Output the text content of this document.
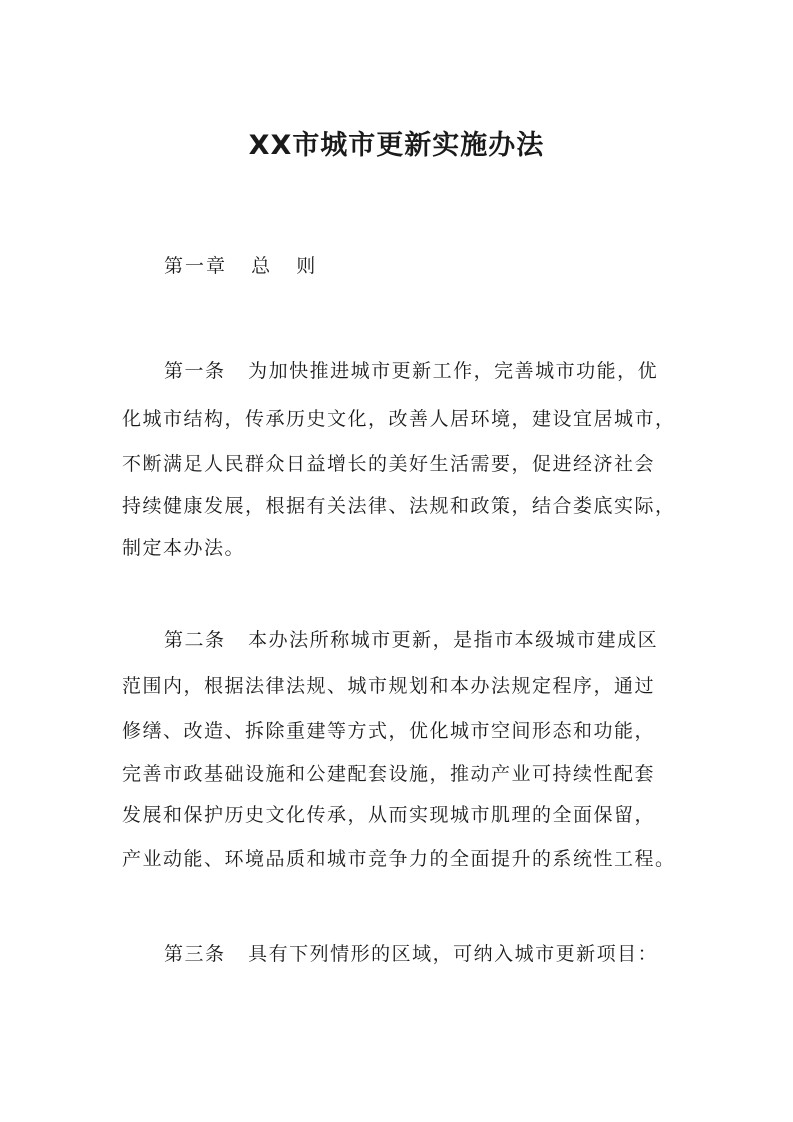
XX市城市更新实施办法
第一章   总   则
第一条   为加快推进城市更新工作，完善城市功能，优
化城市结构，传承历史文化，改善人居环境，建设宜居城市，
不断满足人民群众日益增长的美好生活需要，促进经济社会
持续健康发展，根据有关法律、法规和政策，结合娄底实际，
制定本办法。
第二条   本办法所称城市更新，是指市本级城市建成区
范围内，根据法律法规、城市规划和本办法规定程序，通过
修缮、改造、拆除重建等方式，优化城市空间形态和功能，
完善市政基础设施和公建配套设施，推动产业可持续性配套
发展和保护历史文化传承，从而实现城市肌理的全面保留，
产业动能、环境品质和城市竞争力的全面提升的系统性工程。
第三条   具有下列情形的区域，可纳入城市更新项目：
